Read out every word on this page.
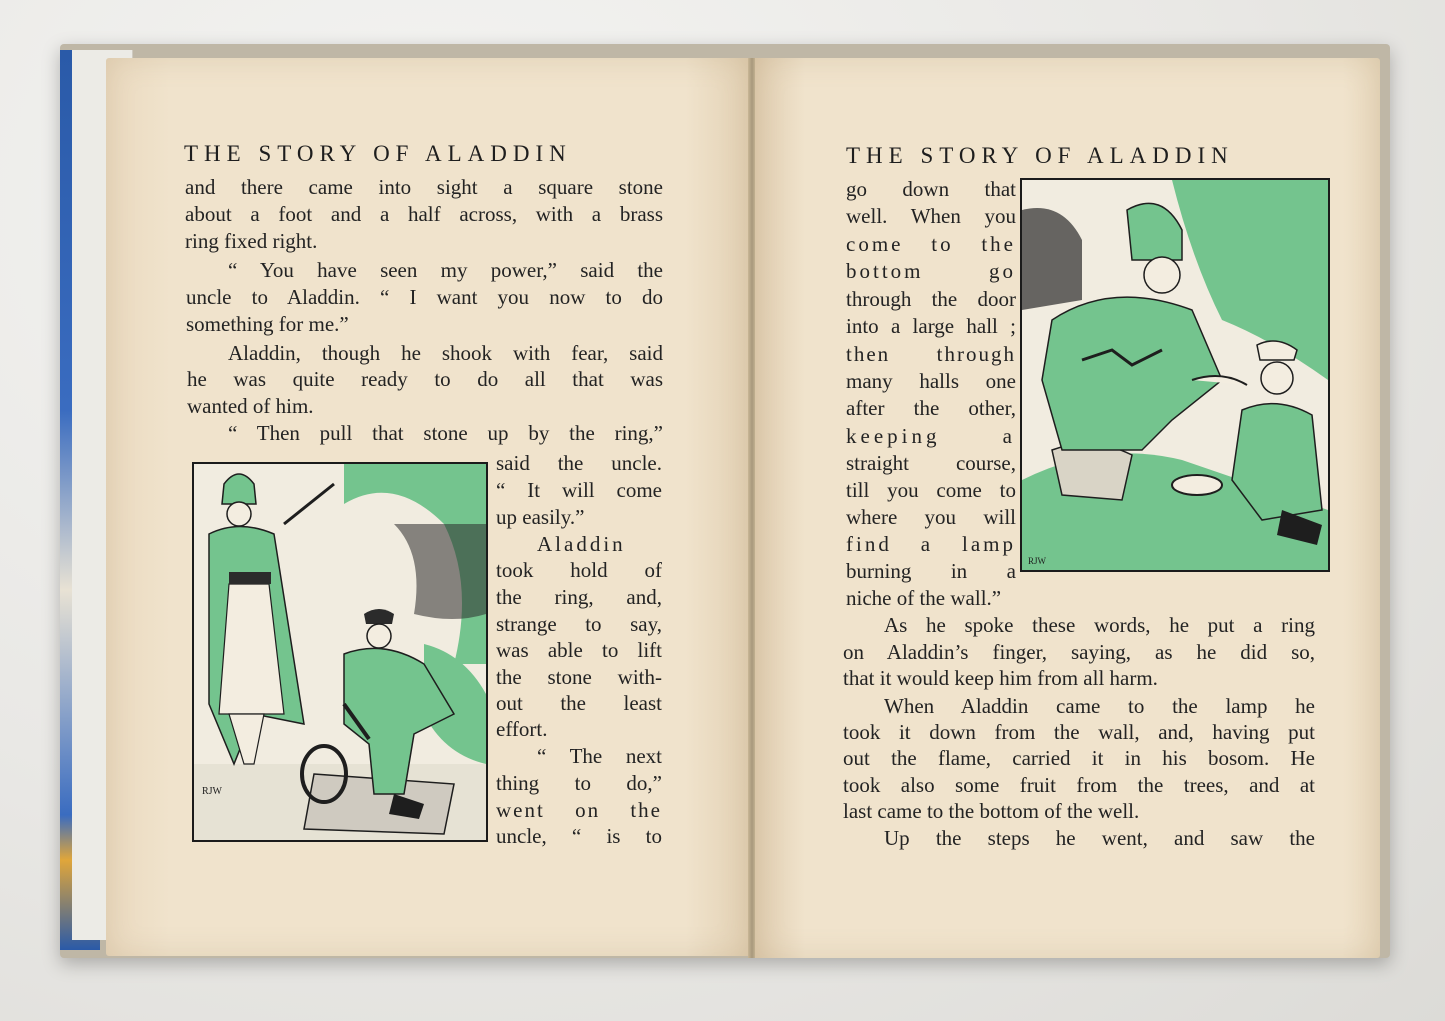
THE STORY OF ALADDIN
and there came into sight a square stone
about a foot and a half across, with a brass
ring fixed right.
“ You have seen my power,” said the
uncle to Aladdin. “ I want you now to do
something for me.”
Aladdin, though he shook with fear, said
he was quite ready to do all that was
wanted of him.
“ Then pull that stone up by the ring,”
RJW
said the uncle.
“ It will come
up easily.”
Aladdin
took hold of
the ring, and,
strange to say,
was able to lift
the stone with-
out the least
effort.
“ The next
thing to do,”
went on the
uncle, “ is to
THE STORY OF ALADDIN
go down that
well. When you
come to the
bottom go
through the door
into a large hall ;
then through
many halls one
after the other,
keeping a
straight course,
till you come to
where you will
find a lamp
burning in a
niche of the wall.”
RJW
As he spoke these words, he put a ring
on Aladdin’s finger, saying, as he did so,
that it would keep him from all harm.
When Aladdin came to the lamp he
took it down from the wall, and, having put
out the flame, carried it in his bosom. He
took also some fruit from the trees, and at
last came to the bottom of the well.
Up the steps he went, and saw the
